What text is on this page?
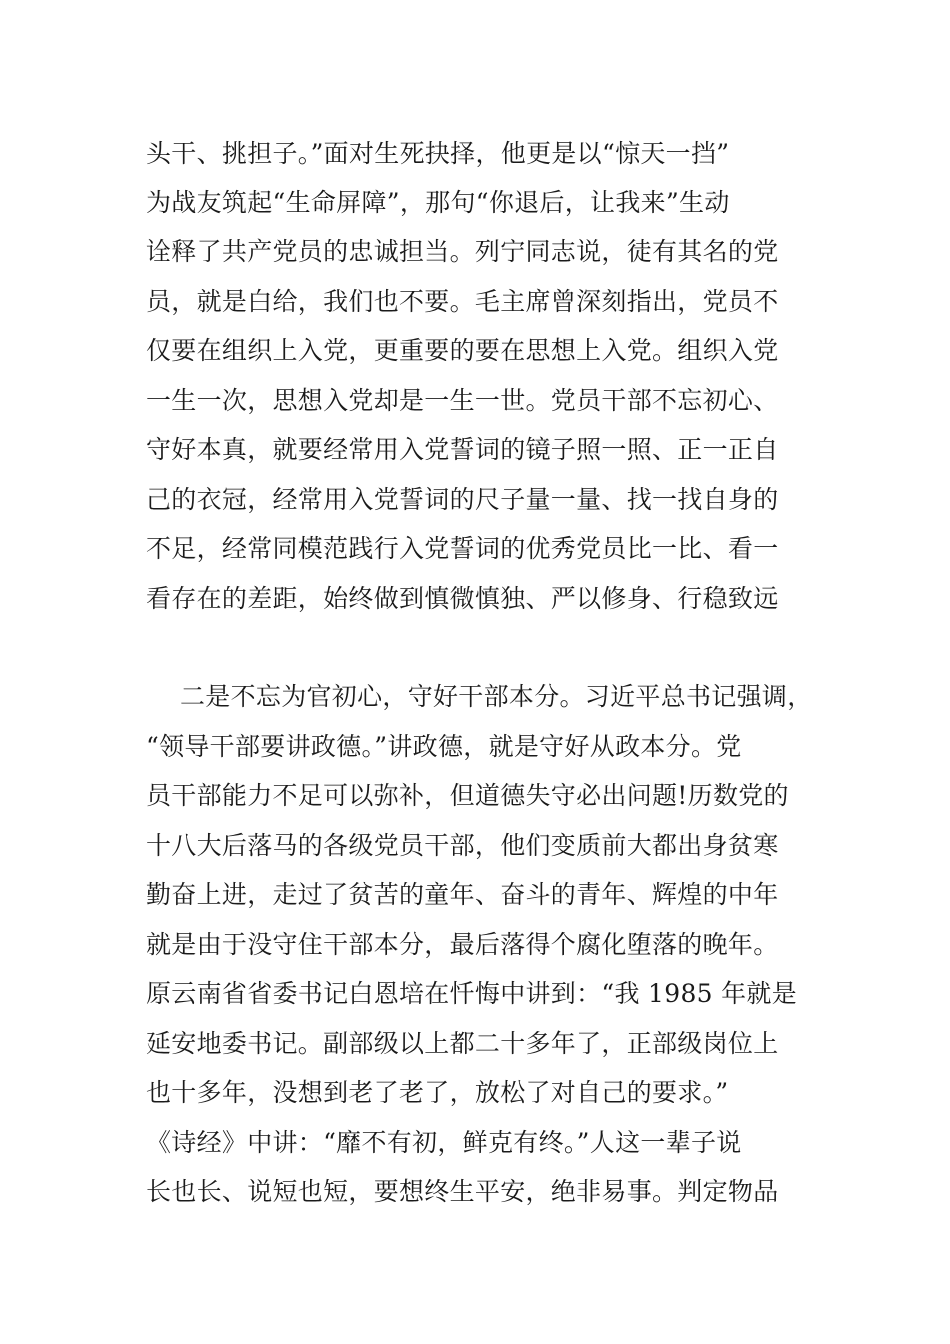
头干、挑担子。”面对生死抉择，他更是以“惊天一挡”
为战友筑起“生命屏障”，那句“你退后，让我来”生动
诠释了共产党员的忠诚担当。列宁同志说，徒有其名的党
员，就是白给，我们也不要。毛主席曾深刻指出，党员不
仅要在组织上入党，更重要的要在思想上入党。组织入党
一生一次，思想入党却是一生一世。党员干部不忘初心、
守好本真，就要经常用入党誓词的镜子照一照、正一正自
己的衣冠，经常用入党誓词的尺子量一量、找一找自身的
不足，经常同模范践行入党誓词的优秀党员比一比、看一
看存在的差距，始终做到慎微慎独、严以修身、行稳致远
二是不忘为官初心，守好干部本分。习近平总书记强调，
“领导干部要讲政德。”讲政德，就是守好从政本分。党
员干部能力不足可以弥补，但道德失守必出问题!历数党的
十八大后落马的各级党员干部，他们变质前大都出身贫寒
勤奋上进，走过了贫苦的童年、奋斗的青年、辉煌的中年
就是由于没守住干部本分，最后落得个腐化堕落的晚年。
原云南省省委书记白恩培在忏悔中讲到：“我 1985 年就是
延安地委书记。副部级以上都二十多年了，正部级岗位上
也十多年，没想到老了老了，放松了对自己的要求。”
《诗经》中讲：“靡不有初，鲜克有终。”人这一辈子说
长也长、说短也短，要想终生平安，绝非易事。判定物品
